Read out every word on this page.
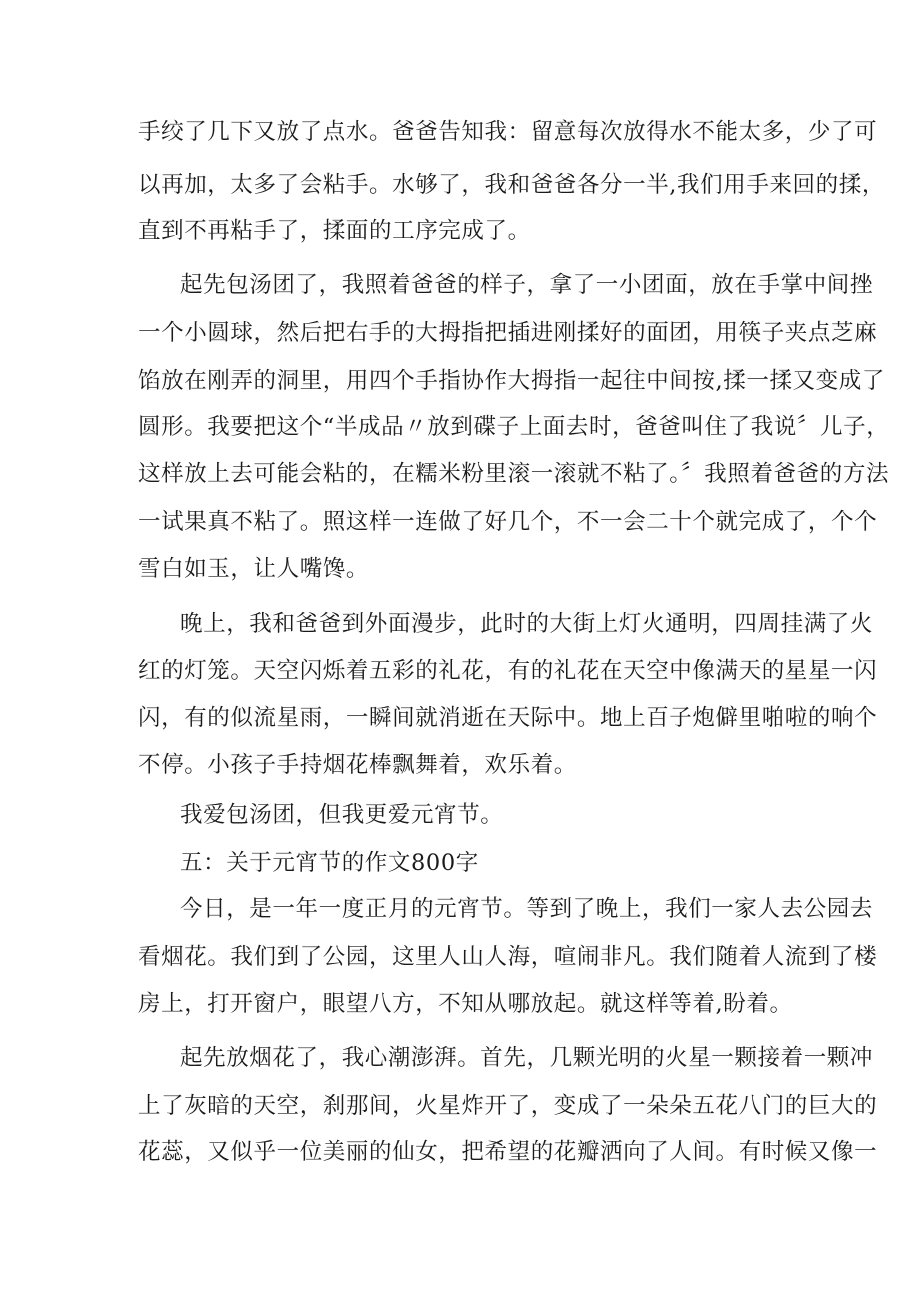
手绞了几下又放了点水。爸爸告知我：留意每次放得水不能太多，少了可
以再加，太多了会粘手。水够了，我和爸爸各分一半,我们用手来回的揉，
直到不再粘手了，揉面的工序完成了。
起先包汤团了，我照着爸爸的样子，拿了一小团面，放在手掌中间挫
一个小圆球，然后把右手的大拇指把插进刚揉好的面团，用筷子夹点芝麻
馅放在刚弄的洞里，用四个手指协作大拇指一起往中间按,揉一揉又变成了
圆形。我要把这个“半成品〃放到碟子上面去时，爸爸叫住了我说〞儿子，
这样放上去可能会粘的，在糯米粉里滚一滚就不粘了。〞我照着爸爸的方法
一试果真不粘了。照这样一连做了好几个，不一会二十个就完成了，个个
雪白如玉，让人嘴馋。
晚上，我和爸爸到外面漫步，此时的大街上灯火通明，四周挂满了火
红的灯笼。天空闪烁着五彩的礼花，有的礼花在天空中像满天的星星一闪
闪，有的似流星雨，一瞬间就消逝在天际中。地上百子炮僻里啪啦的响个
不停。小孩子手持烟花棒飘舞着，欢乐着。
我爱包汤团，但我更爱元宵节。
五：关于元宵节的作文800字
今日，是一年一度正月的元宵节。等到了晚上，我们一家人去公园去
看烟花。我们到了公园，这里人山人海，喧闹非凡。我们随着人流到了楼
房上，打开窗户，眼望八方，不知从哪放起。就这样等着,盼着。
起先放烟花了，我心潮澎湃。首先，几颗光明的火星一颗接着一颗冲
上了灰暗的天空，刹那间，火星炸开了，变成了一朵朵五花八门的巨大的
花蕊，又似乎一位美丽的仙女，把希望的花瓣洒向了人间。有时候又像一
